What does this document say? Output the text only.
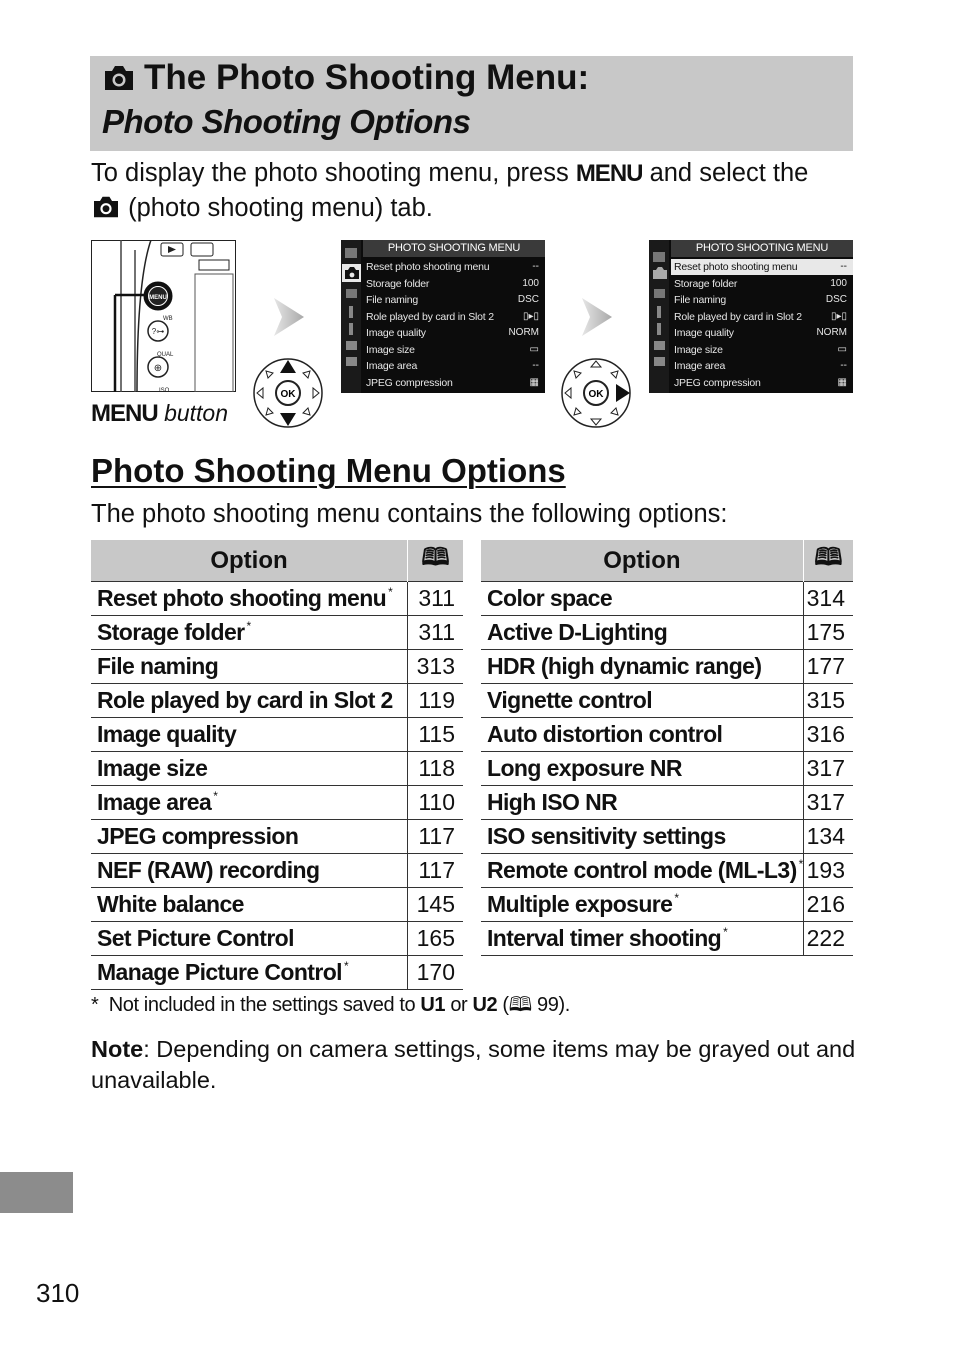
The Photo Shooting Menu:
Photo Shooting Options
To display the photo shooting menu, press MENU and select the
(photo shooting menu) tab.
MENU
?⊶
WB
⊕
QUAL
ISO
MENU button
OK
PHOTO SHOOTING MENU
Reset photo shooting menu	--
Storage folder	100
File naming	DSC
Role played by card in Slot 2	▯▸▯
Image quality	NORM
Image size	▭
Image area	--
JPEG compression	▦
OK
PHOTO SHOOTING MENU
Reset photo shooting menu	--
Storage folder	100
File naming	DSC
Role played by card in Slot 2	▯▸▯
Image quality	NORM
Image size	▭
Image area	--
JPEG compression	▦
Photo Shooting Menu Options
The photo shooting menu contains the following options:
Option	🕮
Reset photo shooting menu *	311
Storage folder *	311
File naming	313
Role played by card in Slot 2	119
Image quality	115
Image size	118
Image area *	110
JPEG compression	117
NEF (RAW) recording	117
White balance	145
Set Picture Control	165
Manage Picture Control *	170
Option	🕮
Color space	314
Active D-Lighting	175
HDR (high dynamic range)	177
Vignette control	315
Auto distortion control	316
Long exposure NR	317
High ISO NR	317
ISO sensitivity settings	134
Remote control mode (ML-L3) *	193
Multiple exposure *	216
Interval timer shooting *	222
* Not included in the settings saved to U1 or U2 (🕮 99).
Note: Depending on camera settings, some items may be grayed out and unavailable.
310
